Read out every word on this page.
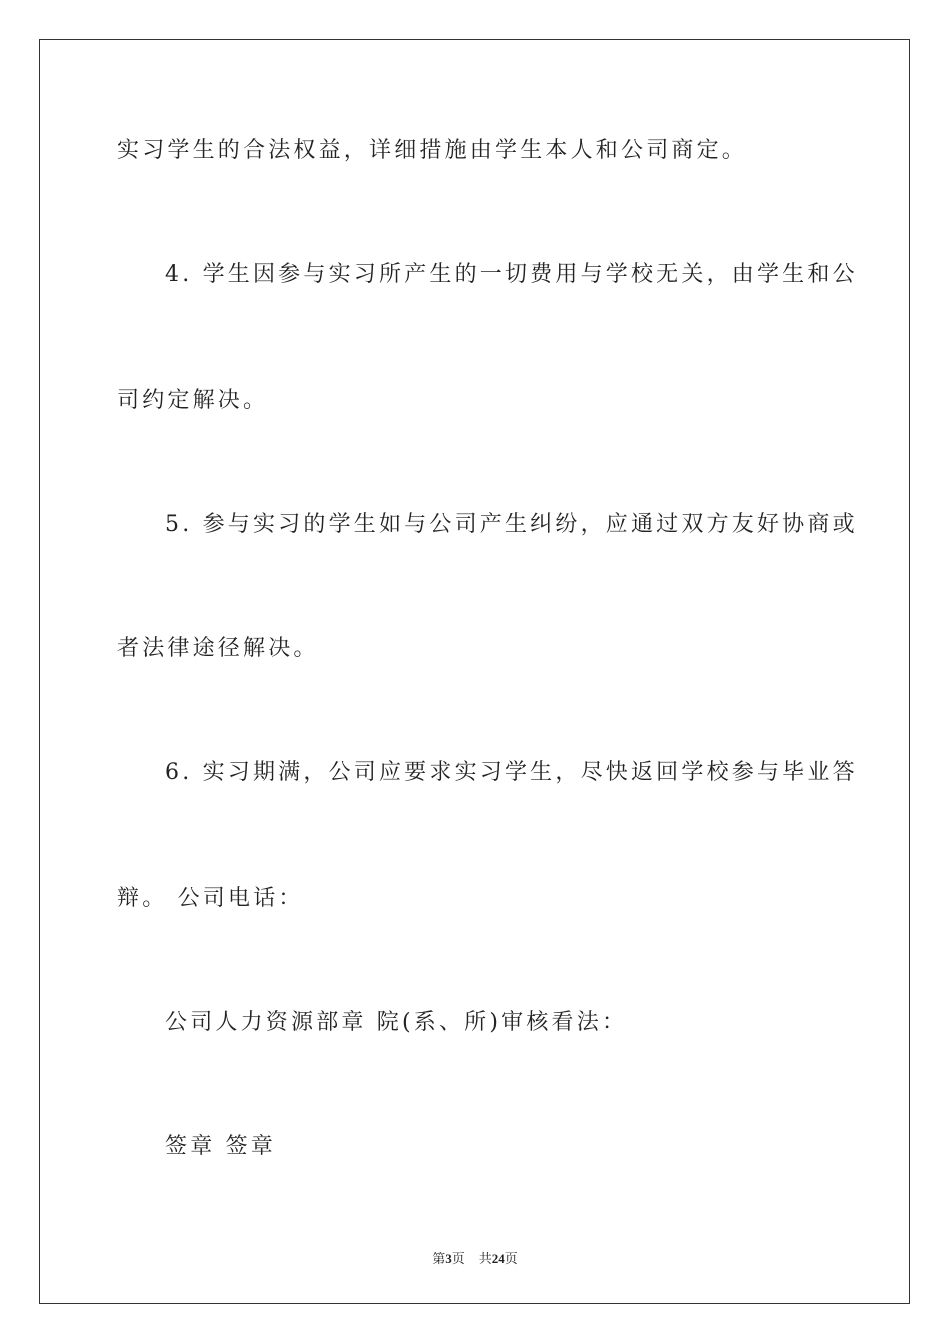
实习学生的合法权益，详细措施由学生本人和公司商定。
4. 学生因参与实习所产生的一切费用与学校无关，由学生和公
司约定解决。
5. 参与实习的学生如与公司产生纠纷，应通过双方友好协商或
者法律途径解决。
6. 实习期满，公司应要求实习学生，尽快返回学校参与毕业答
辩。 公司电话：
公司人力资源部章 院(系、所)审核看法：
签章 签章
第3页 共24页
